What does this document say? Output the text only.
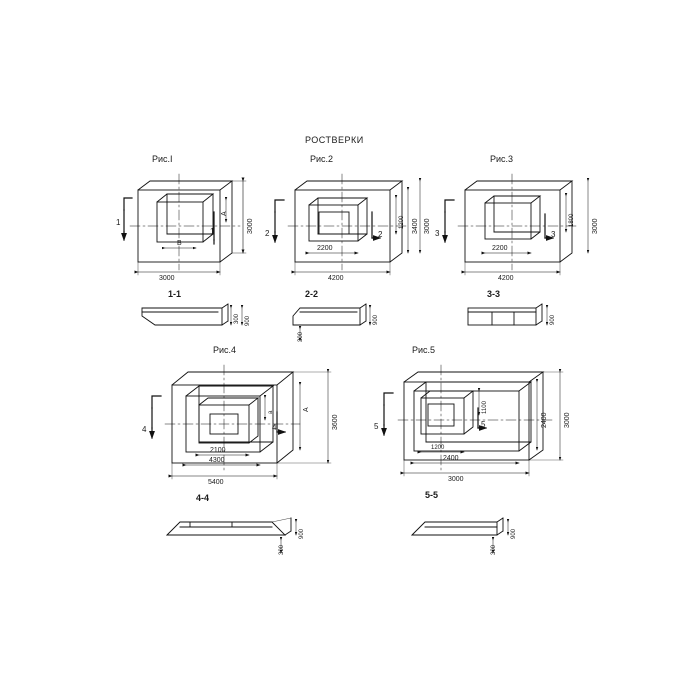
РОСТВЕРКИ
Рис.I	Рис.2	Рис.3
Рис.4	Рис.5
1-1	2-2	3-3
4-4	5-5
1
1	2	2	3	3
4	4	5	5
3000
3000
A
B
300 900
2200
4200
1200 3400 3000
900
300
2200
4200
1800 3000
900
2100
4300
5400
3600
A
a
900
300
1200
2400
3000
1100
2400 3000
900
300
